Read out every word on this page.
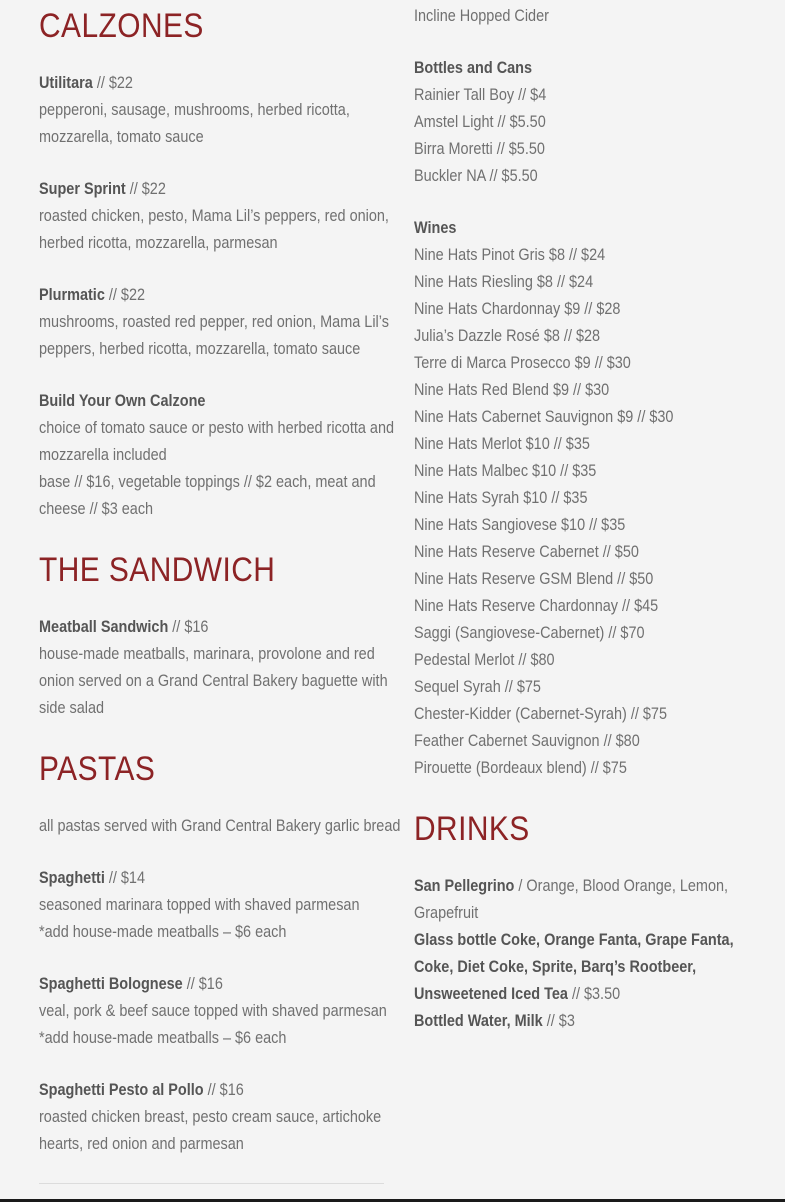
CALZONES
Utilitara // $22
pepperoni, sausage, mushrooms, herbed ricotta,
mozzarella, tomato sauce
Super Sprint // $22
roasted chicken, pesto, Mama Lil’s peppers, red onion,
herbed ricotta, mozzarella, parmesan
Plurmatic // $22
mushrooms, roasted red pepper, red onion, Mama Lil’s
peppers, herbed ricotta, mozzarella, tomato sauce
Build Your Own Calzone
choice of tomato sauce or pesto with herbed ricotta and
mozzarella included
base // $16, vegetable toppings // $2 each, meat and
cheese // $3 each
THE SANDWICH
Meatball Sandwich // $16
house-made meatballs, marinara, provolone and red
onion served on a Grand Central Bakery baguette with
side salad
PASTAS
all pastas served with Grand Central Bakery garlic bread
Spaghetti // $14
seasoned marinara topped with shaved parmesan
*add house-made meatballs – $6 each
Spaghetti Bolognese // $16
veal, pork & beef sauce topped with shaved parmesan
*add house-made meatballs – $6 each
Spaghetti Pesto al Pollo // $16
roasted chicken breast, pesto cream sauce, artichoke
hearts, red onion and parmesan
Incline Hopped Cider
Bottles and Cans
Rainier Tall Boy // $4
Amstel Light // $5.50
Birra Moretti // $5.50
Buckler NA // $5.50
Wines
Nine Hats Pinot Gris $8 // $24
Nine Hats Riesling $8 // $24
Nine Hats Chardonnay $9 // $28
Julia’s Dazzle Rosé $8 // $28
Terre di Marca Prosecco $9 // $30
Nine Hats Red Blend $9 // $30
Nine Hats Cabernet Sauvignon $9 // $30
Nine Hats Merlot $10 // $35
Nine Hats Malbec $10 // $35
Nine Hats Syrah $10 // $35
Nine Hats Sangiovese $10 // $35
Nine Hats Reserve Cabernet // $50
Nine Hats Reserve GSM Blend // $50
Nine Hats Reserve Chardonnay // $45
Saggi (Sangiovese-Cabernet) // $70
Pedestal Merlot // $80
Sequel Syrah // $75
Chester-Kidder (Cabernet-Syrah) // $75
Feather Cabernet Sauvignon // $80
Pirouette (Bordeaux blend) // $75
DRINKS
San Pellegrino / Orange, Blood Orange, Lemon,
Grapefruit
Glass bottle Coke, Orange Fanta, Grape Fanta,
Coke, Diet Coke, Sprite, Barq’s Rootbeer,
Unsweetened Iced Tea // $3.50
Bottled Water, Milk // $3
